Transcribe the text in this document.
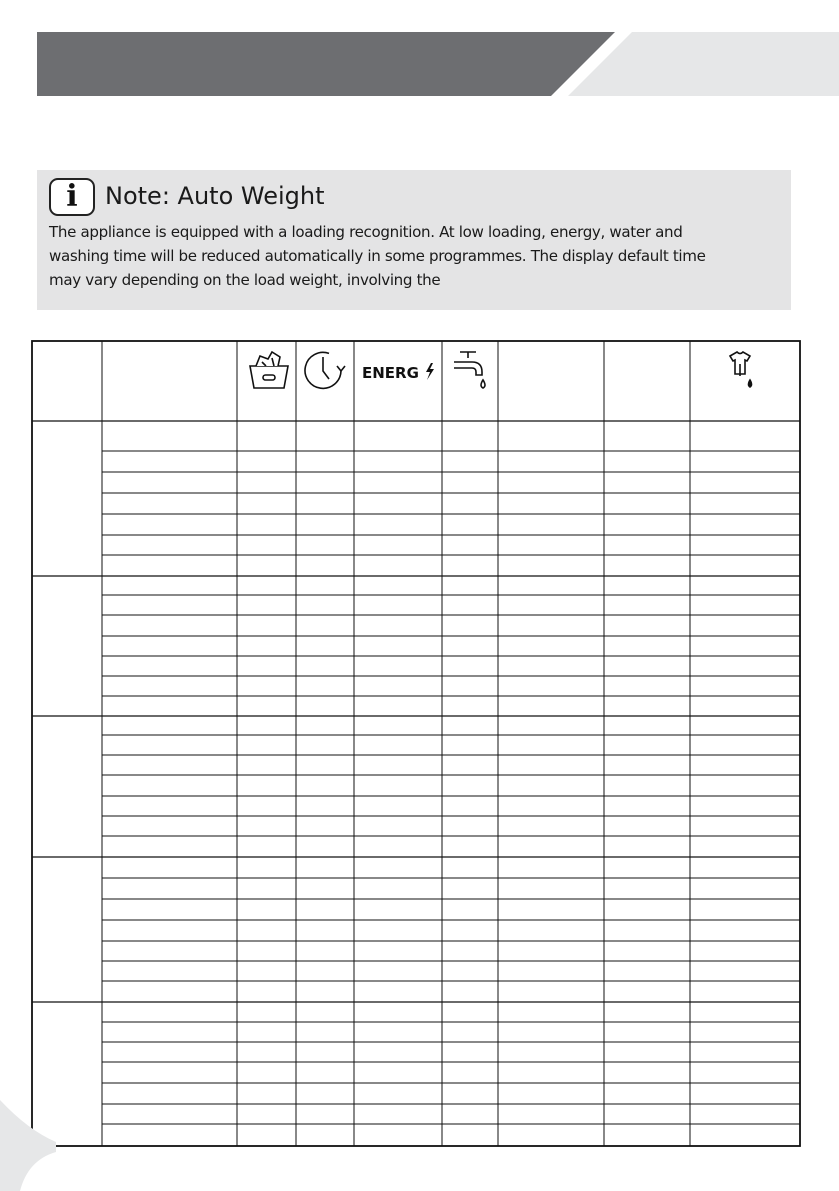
i	Note: Auto Weight
The appliance is equipped with a loading recognition. At low loading, energy, water and
washing time will be reduced automatically in some programmes. The display default time
may vary depending on the load weight, involving the
ENERG
